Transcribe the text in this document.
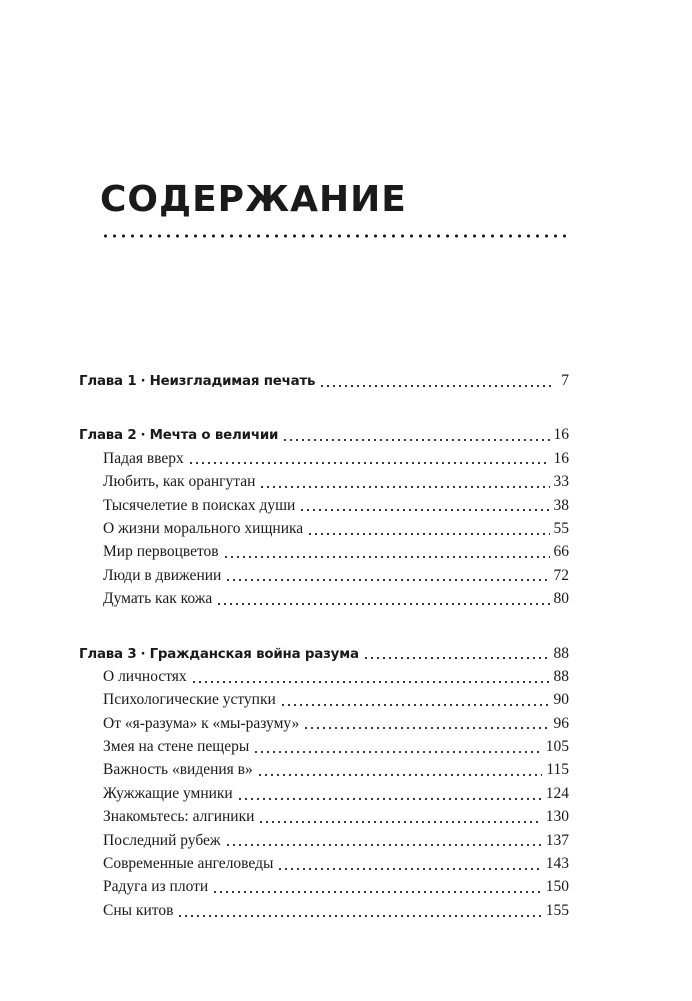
СОДЕРЖАНИЕ
Глава 1 · Неизгладимая печать	7
Глава 2 · Мечта о величии	16
Падая вверх	16
Любить, как орангутан	33
Тысячелетие в поисках души	38
О жизни морального хищника	55
Мир первоцветов	66
Люди в движении	72
Думать как кожа	80
Глава 3 · Гражданская война разума	88
О личностях	88
Психологические уступки	90
От «я-разума» к «мы-разуму»	96
Змея на стене пещеры	105
Важность «видения в»	115
Жужжащие умники	124
Знакомьтесь: алгиники	130
Последний рубеж	137
Современные ангеловеды	143
Радуга из плоти	150
Сны китов	155
